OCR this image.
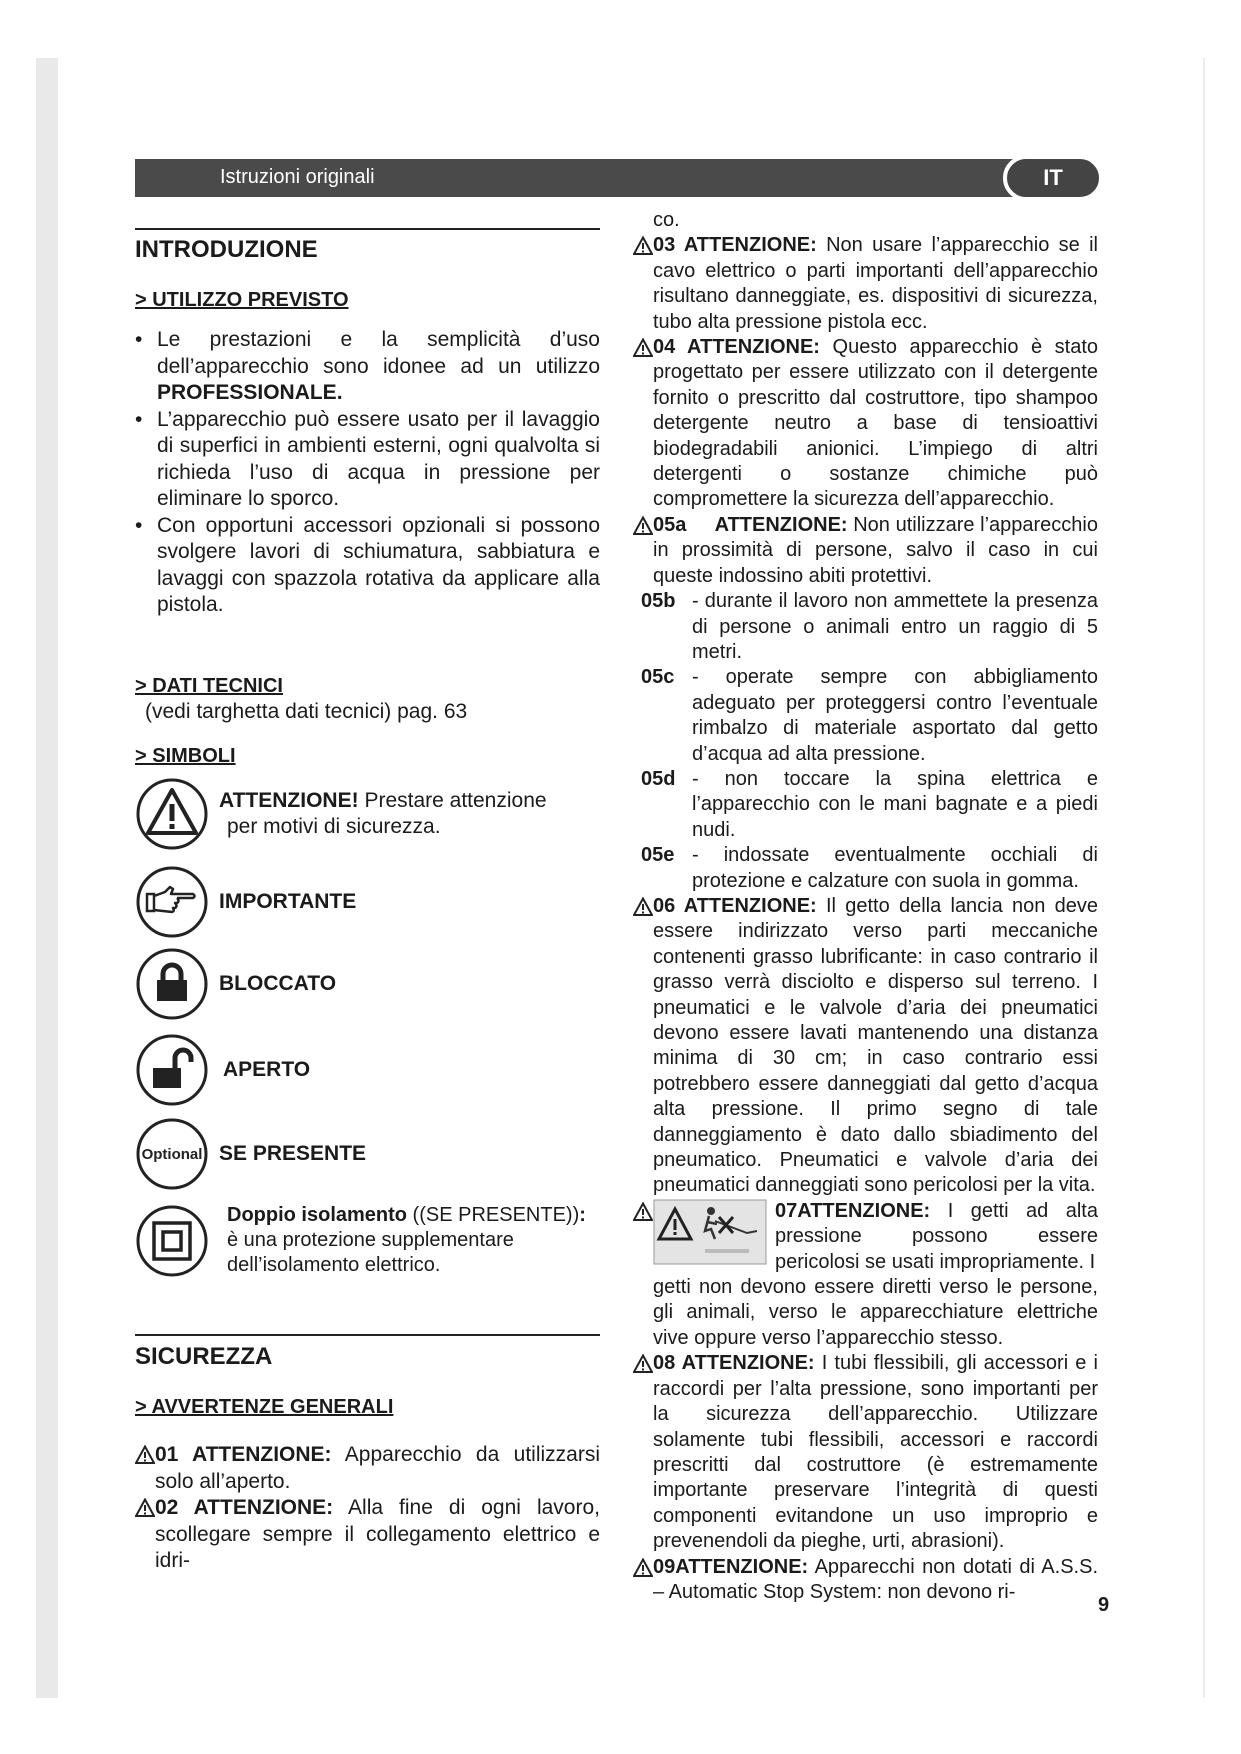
Istruzioni originali	IT
INTRODUZIONE
> UTILIZZO PREVISTO
• Le prestazioni e la semplicità d’uso dell’apparecchio sono idonee ad un utilizzo PROFESSIONALE.
• L’apparecchio può essere usato per il lavaggio di superfici in ambienti esterni, ogni qualvolta si richieda l’uso di acqua in pressione per eliminare lo sporco.
• Con opportuni accessori opzionali si possono svolgere lavori di schiumatura, sabbiatura e lavaggi con spazzola rotativa da applicare alla pistola.
> DATI TECNICI

(vedi targhetta dati tecnici) pag. 63

> SIMBOLI
ATTENZIONE! Prestare attenzione
per motivi di sicurezza.
IMPORTANTE
BLOCCATO
APERTO
Optional SE PRESENTE
Doppio isolamento ((SE PRESENTE)): è una protezione supplementare dell’isolamento elettrico.
SICUREZZA
> AVVERTENZE GENERALI
01 ATTENZIONE: Apparecchio da utilizzarsi solo all’aperto.
02 ATTENZIONE: Alla fine di ogni lavoro, scollegare sempre il collegamento elettrico e idri-

co.

03 ATTENZIONE: Non usare l’apparecchio se il cavo elettrico o parti importanti dell’apparecchio risultano danneggiate, es. dispositivi di sicurezza, tubo alta pressione pistola ecc.
04 ATTENZIONE: Questo apparecchio è stato progettato per essere utilizzato con il detergente fornito o prescritto dal costruttore, tipo shampoo detergente neutro a base di tensioattivi biodegradabili anionici. L’impiego di altri detergenti o sostanze chimiche può compromettere la sicurezza dell’apparecchio.
05a ATTENZIONE: Non utilizzare l’apparecchio in prossimità di persone, salvo il caso in cui queste indossino abiti protettivi.
05b - durante il lavoro non ammettete la presenza di persone o animali entro un raggio di 5 metri.
05c - operate sempre con abbigliamento adeguato per proteggersi contro l’eventuale rimbalzo di materiale asportato dal getto d’acqua ad alta pressione.
05d - non toccare la spina elettrica e l’apparecchio con le mani bagnate e a piedi nudi.
05e - indossate eventualmente occhiali di protezione e calzature con suola in gomma.
06 ATTENZIONE: Il getto della lancia non deve essere indirizzato verso parti meccaniche contenenti grasso lubrificante: in caso contrario il grasso verrà disciolto e disperso sul terreno. I pneumatici e le valvole d’aria dei pneumatici devono essere lavati mantenendo una distanza minima di 30 cm; in caso contrario essi potrebbero essere danneggiati dal getto d’acqua alta pressione. Il primo segno di tale danneggiamento è dato dallo sbiadimento del pneumatico. Pneumatici e valvole d’aria dei pneumatici danneggiati sono pericolosi per la vita.
07ATTENZIONE: I getti ad alta pressione possono essere pericolosi se usati impropriamente. I

getti non devono essere diretti verso le persone, gli animali, verso le apparecchiature elettriche vive oppure verso l’apparecchio stesso.

08 ATTENZIONE: I tubi flessibili, gli accessori e i raccordi per l’alta pressione, sono importanti per la sicurezza dell’apparecchio. Utilizzare solamente tubi flessibili, accessori e raccordi prescritti dal costruttore (è estremamente importante preservare l’integrità di questi componenti evitandone un uso improprio e prevenendoli da pieghe, urti, abrasioni).
09ATTENZIONE: Apparecchi non dotati di A.S.S. – Automatic Stop System: non devono ri-
9
